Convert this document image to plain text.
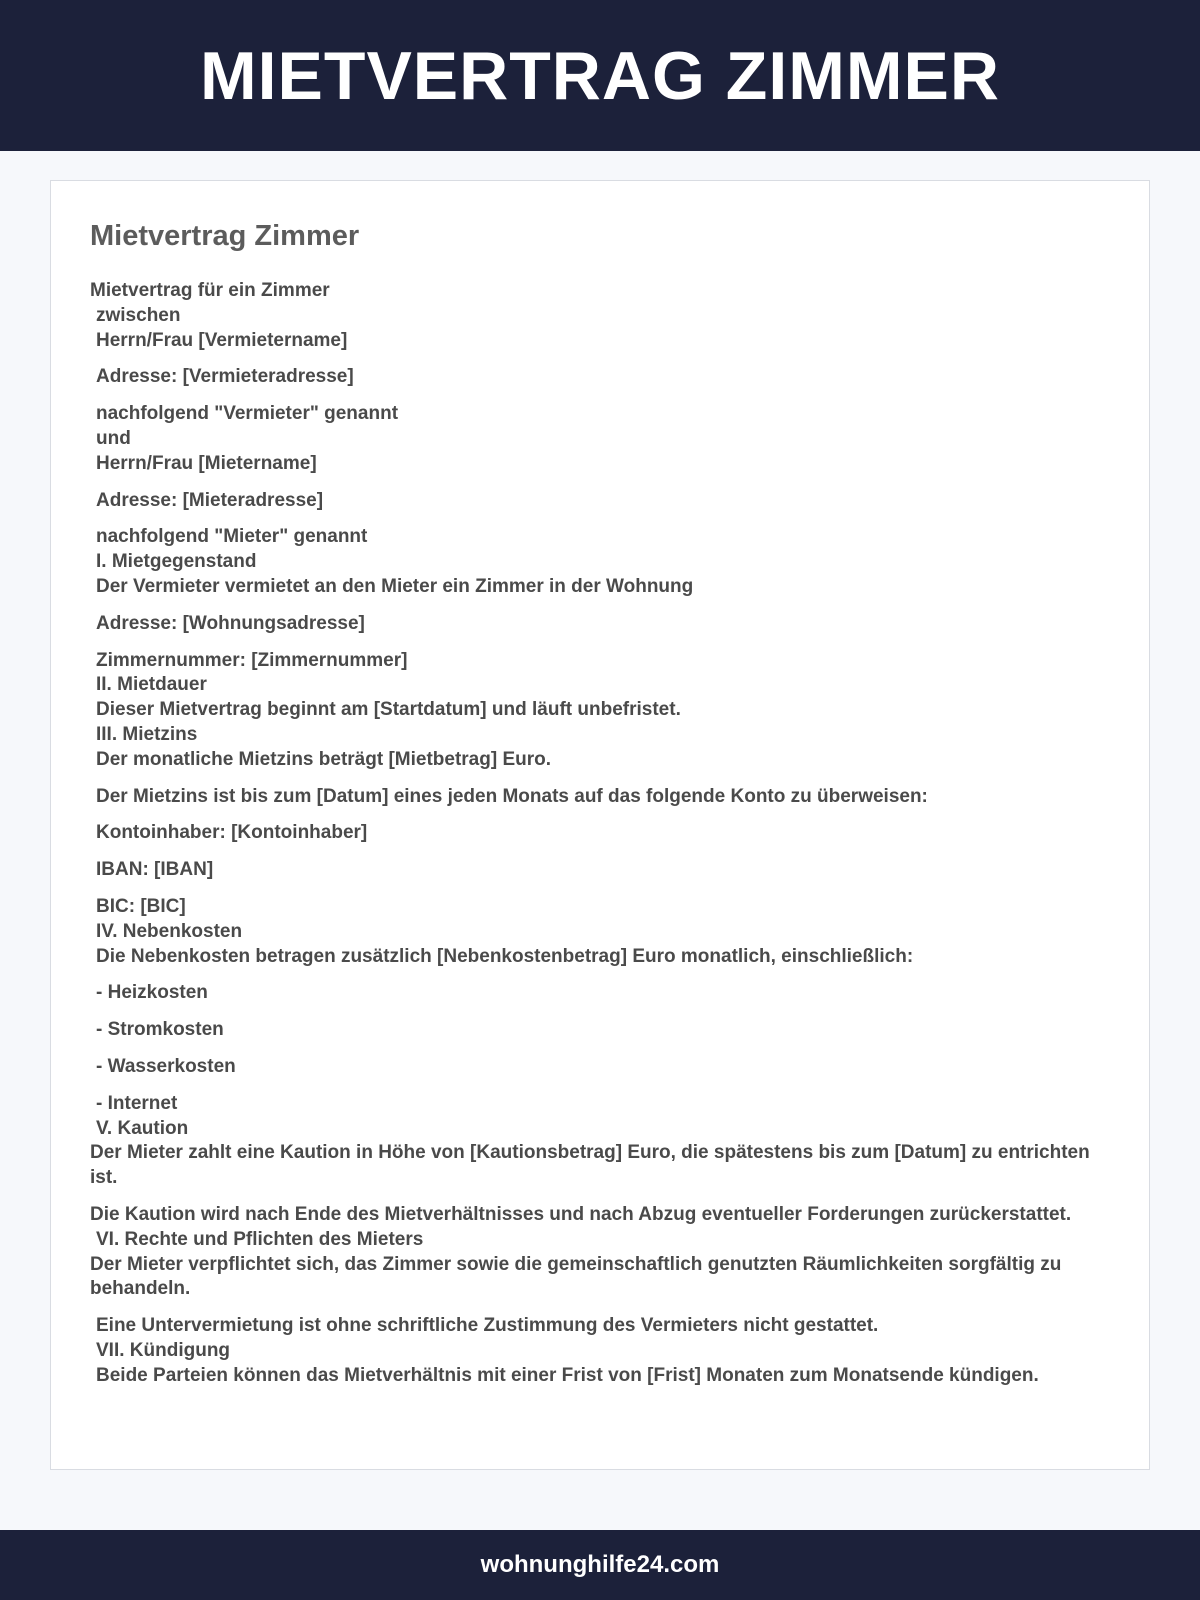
MIETVERTRAG ZIMMER
Mietvertrag Zimmer

Mietvertrag für ein Zimmer
zwischen
Herrn/Frau [Vermietername]

Adresse: [Vermieteradresse]

nachfolgend "Vermieter" genannt
und
Herrn/Frau [Mietername]

Adresse: [Mieteradresse]

nachfolgend "Mieter" genannt
I. Mietgegenstand
Der Vermieter vermietet an den Mieter ein Zimmer in der Wohnung

Adresse: [Wohnungsadresse]

Zimmernummer: [Zimmernummer]
II. Mietdauer
Dieser Mietvertrag beginnt am [Startdatum] und läuft unbefristet.
III. Mietzins
Der monatliche Mietzins beträgt [Mietbetrag] Euro.

Der Mietzins ist bis zum [Datum] eines jeden Monats auf das folgende Konto zu überweisen:

Kontoinhaber: [Kontoinhaber]

IBAN: [IBAN]

BIC: [BIC]
IV. Nebenkosten
Die Nebenkosten betragen zusätzlich [Nebenkostenbetrag] Euro monatlich, einschließlich:

- Heizkosten

- Stromkosten

- Wasserkosten

- Internet
V. Kaution
Der Mieter zahlt eine Kaution in Höhe von [Kautionsbetrag] Euro, die spätestens bis zum [Datum] zu entrichten ist.

Die Kaution wird nach Ende des Mietverhältnisses und nach Abzug eventueller Forderungen zurückerstattet.
VI. Rechte und Pflichten des Mieters
Der Mieter verpflichtet sich, das Zimmer sowie die gemeinschaftlich genutzten Räumlichkeiten sorgfältig zu behandeln.

Eine Untervermietung ist ohne schriftliche Zustimmung des Vermieters nicht gestattet.
VII. Kündigung
Beide Parteien können das Mietverhältnis mit einer Frist von [Frist] Monaten zum Monatsende kündigen.

wohnunghilfe24.com
